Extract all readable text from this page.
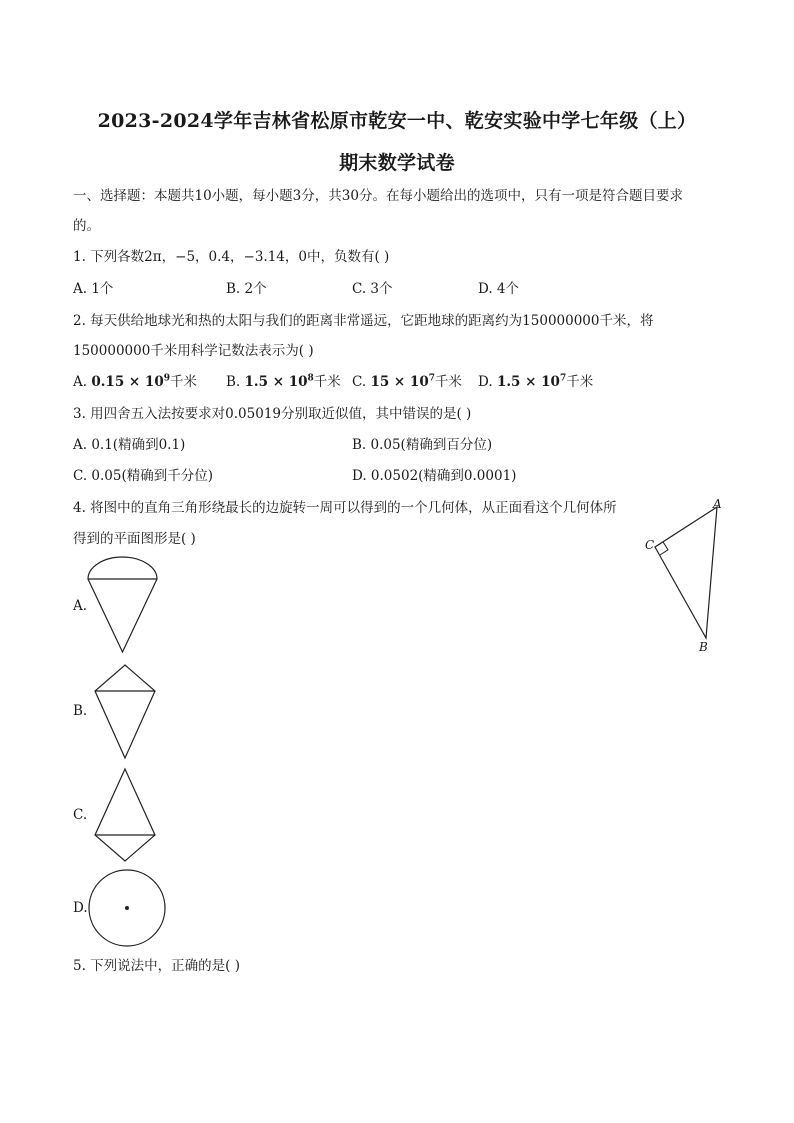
2023-2024学年吉林省松原市乾安一中、乾安实验中学七年级（上）
期末数学试卷
一、选择题：本题共10小题，每小题3分，共30分。在每小题给出的选项中，只有一项是符合题目要求
的。
1. 下列各数2π，−5，0.4，−3.14，0中，负数有( )
A. 1个	B. 2个	C. 3个	D. 4个
2. 每天供给地球光和热的太阳与我们的距离非常遥远，它距地球的距离约为150000000千米，将
150000000千米用科学记数法表示为( )
A. $0.15 \times 10^9$千米 B. $1.5 \times 10^8$千米 C. $15 \times 10^7$千米 D. $1.5 \times 10^7$千米
3. 用四舍五入法按要求对0.05019分别取近似值，其中错误的是( )
A. 0.1(精确到0.1)	B. 0.05(精确到百分位)
C. 0.05(精确到千分位)	D. 0.0502(精确到0.0001)
4. 将图中的直角三角形绕最长的边旋转一周可以得到的一个几何体，从正面看这个几何体所
得到的平面图形是( )
A
C
B
A.
B.
C.
D.
5. 下列说法中，正确的是( )
